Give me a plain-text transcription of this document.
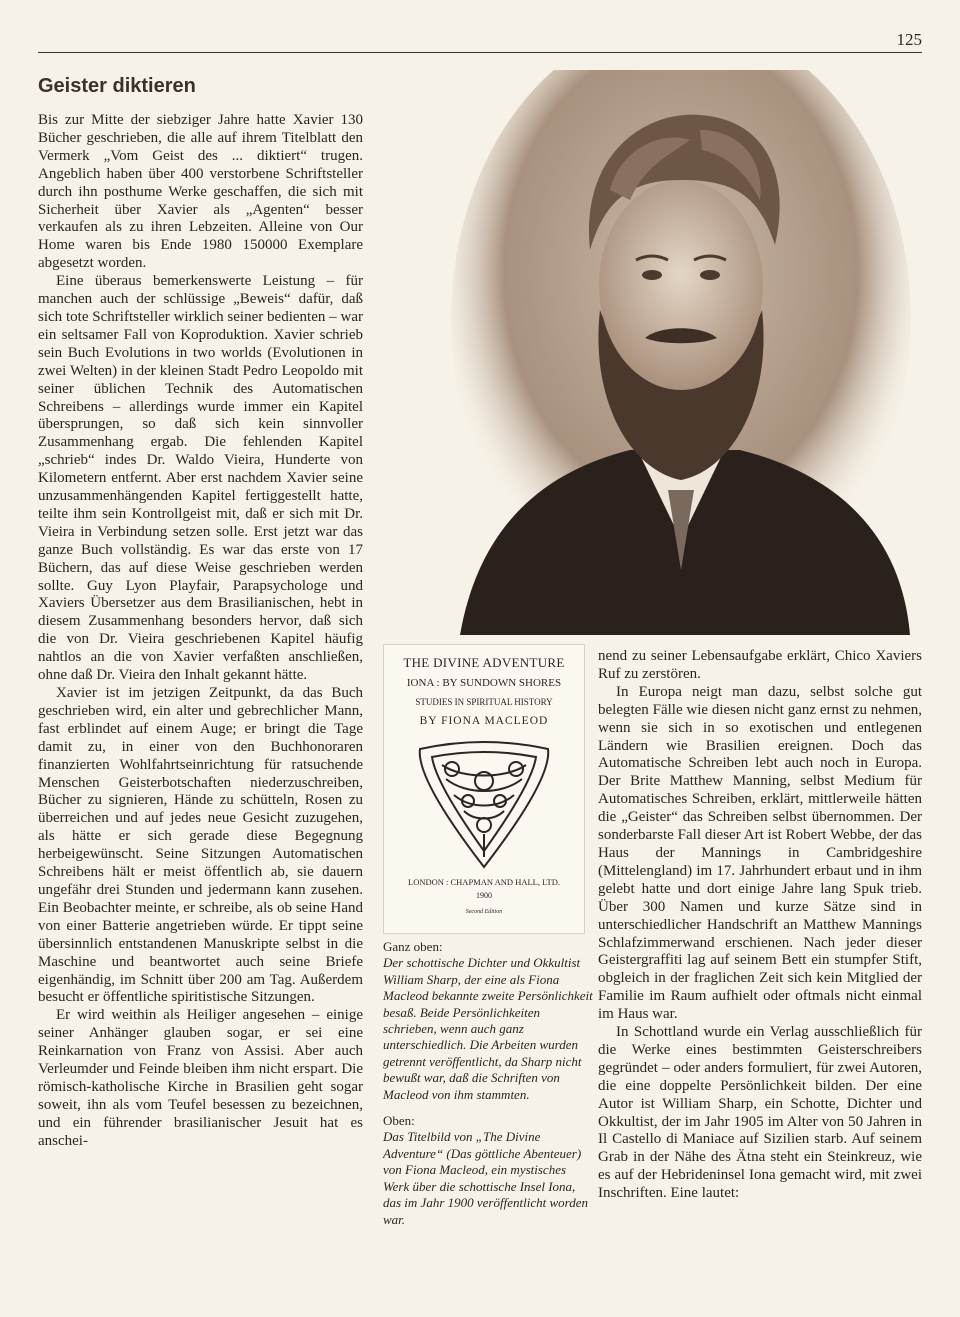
125
Geister diktieren

Bis zur Mitte der siebziger Jahre hatte Xavier 130 Bücher geschrieben, die alle auf ihrem Titelblatt den Vermerk „Vom Geist des ... diktiert“ trugen. Angeblich haben über 400 verstorbene Schriftsteller durch ihn posthume Werke geschaffen, die sich mit Sicherheit über Xavier als „Agenten“ besser verkaufen als zu ihren Lebzeiten. Alleine von Our Home waren bis Ende 1980 150000 Exemplare abgesetzt worden.

Eine überaus bemerkenswerte Leistung – für manchen auch der schlüssige „Beweis“ dafür, daß sich tote Schriftsteller wirklich seiner bedienten – war ein seltsamer Fall von Koproduktion. Xavier schrieb sein Buch Evolutions in two worlds (Evolutionen in zwei Welten) in der kleinen Stadt Pedro Leopoldo mit seiner üblichen Technik des Automatischen Schreibens – allerdings wurde immer ein Kapitel übersprungen, so daß sich kein sinnvoller Zusammenhang ergab. Die fehlenden Kapitel „schrieb“ indes Dr. Waldo Vieira, Hunderte von Kilometern entfernt. Aber erst nachdem Xavier seine unzusammenhängenden Kapitel fertiggestellt hatte, teilte ihm sein Kontrollgeist mit, daß er sich mit Dr. Vieira in Verbindung setzen solle. Erst jetzt war das ganze Buch vollständig. Es war das erste von 17 Büchern, das auf diese Weise geschrieben werden sollte. Guy Lyon Playfair, Parapsychologe und Xaviers Übersetzer aus dem Brasilianischen, hebt in diesem Zusammenhang besonders hervor, daß sich die von Dr. Vieira geschriebenen Kapitel häufig nahtlos an die von Xavier verfaßten anschließen, ohne daß Dr. Vieira den Inhalt gekannt hätte.

Xavier ist im jetzigen Zeitpunkt, da das Buch geschrieben wird, ein alter und gebrechlicher Mann, fast erblindet auf einem Auge; er bringt die Tage damit zu, in einer von den Buchhonoraren finanzierten Wohlfahrtseinrichtung für ratsuchende Menschen Geisterbotschaften niederzuschreiben, Bücher zu signieren, Hände zu schütteln, Rosen zu überreichen und auf jedes neue Gesicht zuzugehen, als hätte er sich gerade diese Begegnung herbeigewünscht. Seine Sitzungen Automatischen Schreibens hält er meist öffentlich ab, sie dauern ungefähr drei Stunden und jedermann kann zusehen. Ein Beobachter meinte, er schreibe, als ob seine Hand von einer Batterie angetrieben würde. Er tippt seine übersinnlich entstandenen Manuskripte selbst in die Maschine und beantwortet auch seine Briefe eigenhändig, im Schnitt über 200 am Tag. Außerdem besucht er öffentliche spiritistische Sitzungen.

Er wird weithin als Heiliger angesehen – einige seiner Anhänger glauben sogar, er sei eine Reinkarnation von Franz von Assisi. Aber auch Verleumder und Feinde bleiben ihm nicht erspart. Die römisch-katholische Kirche in Brasilien geht sogar soweit, ihn als vom Teufel besessen zu bezeichnen, und ein führender brasilianischer Jesuit hat es anschei-

THE DIVINE ADVENTURE
IONA : BY SUNDOWN SHORES
STUDIES IN SPIRITUAL HISTORY
BY FIONA MACLEOD
LONDON : CHAPMAN AND HALL, LTD.
1900
Second Edition

Ganz oben:

Der schottische Dichter und Okkultist William Sharp, der eine als Fiona Macleod bekannte zweite Persönlichkeit besaß. Beide Persönlichkeiten schrieben, wenn auch ganz unterschiedlich. Die Arbeiten wurden getrennt veröffentlicht, da Sharp nicht bewußt war, daß die Schriften von Macleod von ihm stammten.

Oben:

Das Titelbild von „The Divine Adventure“ (Das göttliche Abenteuer) von Fiona Macleod, ein mystisches Werk über die schottische Insel Iona, das im Jahr 1900 veröffentlicht worden war.

nend zu seiner Lebensaufgabe erklärt, Chico Xaviers Ruf zu zerstören.

In Europa neigt man dazu, selbst solche gut belegten Fälle wie diesen nicht ganz ernst zu nehmen, wenn sie sich in so exotischen und entlegenen Ländern wie Brasilien ereignen. Doch das Automatische Schreiben lebt auch noch in Europa. Der Brite Matthew Manning, selbst Medium für Automatisches Schreiben, erklärt, mittlerweile hätten die „Geister“ das Schreiben selbst übernommen. Der sonderbarste Fall dieser Art ist Robert Webbe, der das Haus der Mannings in Cambridgeshire (Mittelengland) im 17. Jahrhundert erbaut und in ihm gelebt hatte und dort einige Jahre lang Spuk trieb. Über 300 Namen und kurze Sätze sind in unterschiedlicher Handschrift an Matthew Mannings Schlafzimmerwand erschienen. Nach jeder dieser Geistergraffiti lag auf seinem Bett ein stumpfer Stift, obgleich in der fraglichen Zeit sich kein Mitglied der Familie im Raum aufhielt oder oftmals nicht einmal im Haus war.

In Schottland wurde ein Verlag ausschließlich für die Werke eines bestimmten Geisterschreibers gegründet – oder anders formuliert, für zwei Autoren, die eine doppelte Persönlichkeit bilden. Der eine Autor ist William Sharp, ein Schotte, Dichter und Okkultist, der im Jahr 1905 im Alter von 50 Jahren in Il Castello di Maniace auf Sizilien starb. Auf seinem Grab in der Nähe des Ätna steht ein Steinkreuz, wie es auf der Hebrideninsel Iona gemacht wird, mit zwei Inschriften. Eine lautet:
